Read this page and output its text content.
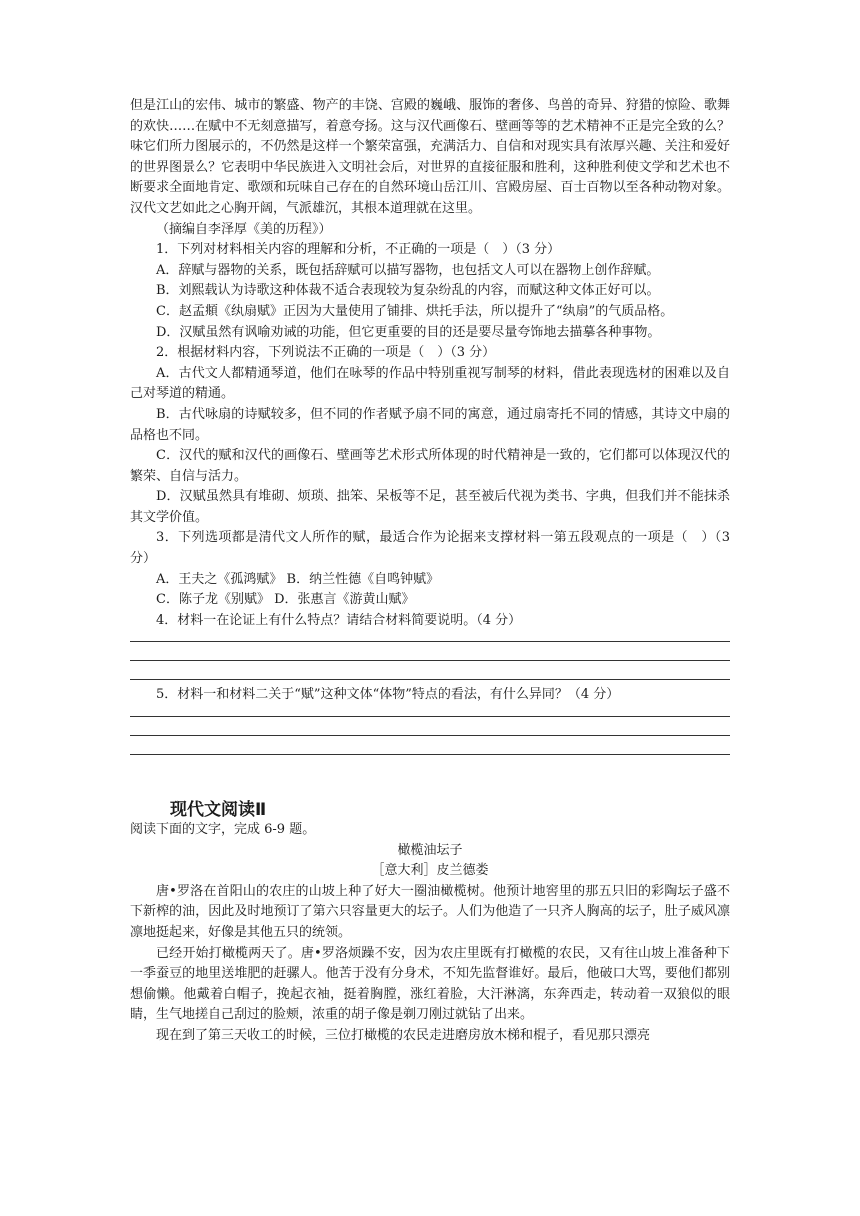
但是江山的宏伟、城市的繁盛、物产的丰饶、宫殿的巍峨、服饰的奢侈、鸟兽的奇异、狩猎的惊险、歌舞的欢快……在赋中不无刻意描写，着意夸扬。这与汉代画像石、壁画等等的艺术精神不正是完全致的么？味它们所力图展示的，不仍然是这样一个繁荣富强，充满活力、自信和对现实具有浓厚兴趣、关注和爱好的世界图景么？它表明中华民族进入文明社会后，对世界的直接征服和胜利，这种胜利使文学和艺术也不断要求全面地肯定、歌颂和玩味自己存在的自然环境山岳江川、宫殿房屋、百士百物以至各种动物对象。汉代文艺如此之心胸开阔，气派雄沉，其根本道理就在这里。

（摘编自李泽厚《美的历程》）

1．下列对材料相关内容的理解和分析，不正确的一项是（　）（3 分）

A．辞赋与器物的关系，既包括辞赋可以描写器物，也包括文人可以在器物上创作辞赋。

B．刘熙载认为诗歌这种体裁不适合表现较为复杂纷乱的内容，而赋这种文体正好可以。

C．赵孟頫《纨扇赋》正因为大量使用了铺排、烘托手法，所以提升了“纨扇”的气质品格。

D．汉赋虽然有讽喻劝诫的功能，但它更重要的目的还是要尽量夸饰地去描摹各种事物。

2．根据材料内容，下列说法不正确的一项是（　）（3 分）

A．古代文人都精通琴道，他们在咏琴的作品中特别重视写制琴的材料，借此表现选材的困难以及自己对琴道的精通。

B．古代咏扇的诗赋较多，但不同的作者赋予扇不同的寓意，通过扇寄托不同的情感，其诗文中扇的品格也不同。

C．汉代的赋和汉代的画像石、壁画等艺术形式所体现的时代精神是一致的，它们都可以体现汉代的繁荣、自信与活力。

D．汉赋虽然具有堆砌、烦琐、拙笨、呆板等不足，甚至被后代视为类书、字典，但我们并不能抹杀其文学价值。

3．下列选项都是清代文人所作的赋，最适合作为论据来支撑材料一第五段观点的一项是（　）（3 分）

A．王夫之《孤鸿赋》 B．纳兰性德《自鸣钟赋》

C．陈子龙《别赋》 D．张惠言《游黄山赋》

4．材料一在论证上有什么特点？请结合材料简要说明。（4 分）

5．材料一和材料二关于“赋”这种文体“体物”特点的看法，有什么异同？（4 分）

现代文阅读Ⅱ

阅读下面的文字，完成 6-9 题。

橄榄油坛子

［意大利］皮兰德娄

唐•罗洛在首阳山的农庄的山坡上种了好大一圈油橄榄树。他预计地窖里的那五只旧的彩陶坛子盛不下新榨的油，因此及时地预订了第六只容量更大的坛子。人们为他造了一只齐人胸高的坛子，肚子威风凛凛地挺起来，好像是其他五只的统领。

已经开始打橄榄两天了。唐•罗洛烦躁不安，因为农庄里既有打橄榄的农民，又有往山坡上准备种下一季蚕豆的地里送堆肥的赶骡人。他苦于没有分身术，不知先监督谁好。最后，他破口大骂，要他们都别想偷懒。他戴着白帽子，挽起衣袖，挺着胸膛，涨红着脸，大汗淋漓，东奔西走，转动着一双狼似的眼睛，生气地搓自己刮过的脸颊，浓重的胡子像是剃刀刚过就钻了出来。

现在到了第三天收工的时候，三位打橄榄的农民走进磨房放木梯和棍子，看见那只漂亮
